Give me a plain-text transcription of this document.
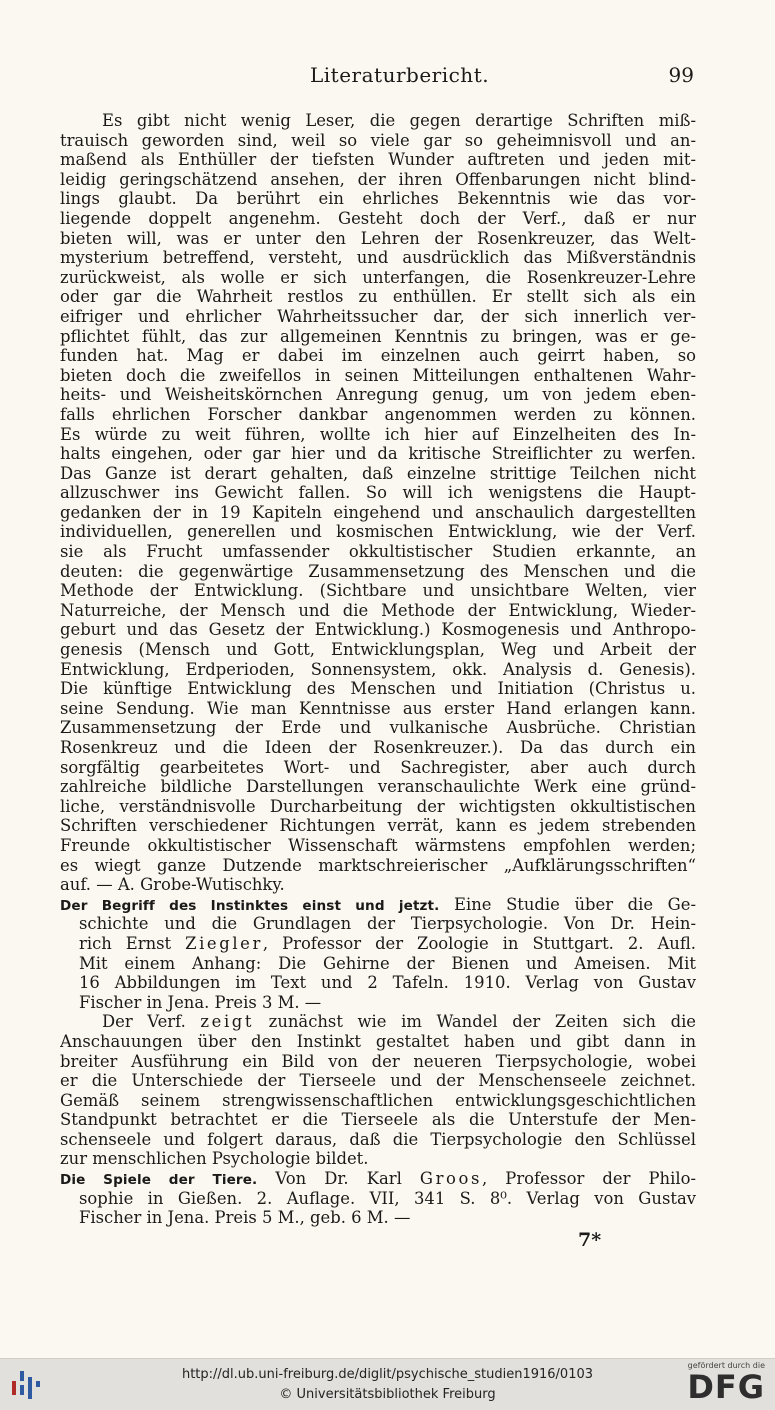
Literaturbericht.	99
Es gibt nicht wenig Leser, die gegen derartige Schriften miß-
trauisch geworden sind, weil so viele gar so geheimnisvoll und an-
maßend als Enthüller der tiefsten Wunder auftreten und jeden mit-
leidig geringschätzend ansehen, der ihren Offenbarungen nicht blind-
lings glaubt. Da berührt ein ehrliches Bekenntnis wie das vor-
liegende doppelt angenehm. Gesteht doch der Verf., daß er nur
bieten will, was er unter den Lehren der Rosenkreuzer, das Welt-
mysterium betreffend, versteht, und ausdrücklich das Mißverständnis
zurückweist, als wolle er sich unterfangen, die Rosenkreuzer-Lehre
oder gar die Wahrheit restlos zu enthüllen. Er stellt sich als ein
eifriger und ehrlicher Wahrheitssucher dar, der sich innerlich ver-
pflichtet fühlt, das zur allgemeinen Kenntnis zu bringen, was er ge-
funden hat. Mag er dabei im einzelnen auch geirrt haben, so
bieten doch die zweifellos in seinen Mitteilungen enthaltenen Wahr-
heits- und Weisheitskörnchen Anregung genug, um von jedem eben-
falls ehrlichen Forscher dankbar angenommen werden zu können.
Es würde zu weit führen, wollte ich hier auf Einzelheiten des In-
halts eingehen, oder gar hier und da kritische Streiflichter zu werfen.
Das Ganze ist derart gehalten, daß einzelne strittige Teilchen nicht
allzuschwer ins Gewicht fallen. So will ich wenigstens die Haupt-
gedanken der in 19 Kapiteln eingehend und anschaulich dargestellten
individuellen, generellen und kosmischen Entwicklung, wie der Verf.
sie als Frucht umfassender okkultistischer Studien erkannte, an
deuten: die gegenwärtige Zusammensetzung des Menschen und die
Methode der Entwicklung. (Sichtbare und unsichtbare Welten, vier
Naturreiche, der Mensch und die Methode der Entwicklung, Wieder-
geburt und das Gesetz der Entwicklung.) Kosmogenesis und Anthropo-
genesis (Mensch und Gott, Entwicklungsplan, Weg und Arbeit der
Entwicklung, Erdperioden, Sonnensystem, okk. Analysis d. Genesis).
Die künftige Entwicklung des Menschen und Initiation (Christus u.
seine Sendung. Wie man Kenntnisse aus erster Hand erlangen kann.
Zusammensetzung der Erde und vulkanische Ausbrüche. Christian
Rosenkreuz und die Ideen der Rosenkreuzer.). Da das durch ein
sorgfältig gearbeitetes Wort- und Sachregister, aber auch durch
zahlreiche bildliche Darstellungen veranschaulichte Werk eine gründ-
liche, verständnisvolle Durcharbeitung der wichtigsten okkultistischen
Schriften verschiedener Richtungen verrät, kann es jedem strebenden
Freunde okkultistischer Wissenschaft wärmstens empfohlen werden;
es wiegt ganze Dutzende marktschreierischer „Aufklärungsschriften“
auf. — A. Grobe-Wutischky.
Der Begriff des Instinktes einst und jetzt. Eine Studie über die Ge-
schichte und die Grundlagen der Tierpsychologie. Von Dr. Hein-
rich Ernst Ziegler, Professor der Zoologie in Stuttgart. 2. Aufl.
Mit einem Anhang: Die Gehirne der Bienen und Ameisen. Mit
16 Abbildungen im Text und 2 Tafeln. 1910. Verlag von Gustav
Fischer in Jena. Preis 3 M. —
Der Verf. zeigt zunächst wie im Wandel der Zeiten sich die
Anschauungen über den Instinkt gestaltet haben und gibt dann in
breiter Ausführung ein Bild von der neueren Tierpsychologie, wobei
er die Unterschiede der Tierseele und der Menschenseele zeichnet.
Gemäß seinem strengwissenschaftlichen entwicklungsgeschichtlichen
Standpunkt betrachtet er die Tierseele als die Unterstufe der Men-
schenseele und folgert daraus, daß die Tierpsychologie den Schlüssel
zur menschlichen Psychologie bildet.
Die Spiele der Tiere. Von Dr. Karl Groos, Professor der Philo-
sophie in Gießen. 2. Auflage. VII, 341 S. 8⁰. Verlag von Gustav
Fischer in Jena. Preis 5 M., geb. 6 M. —
7*
http://dl.ub.uni-freiburg.de/diglit/psychische_studien1916/0103
© Universitätsbibliothek Freiburg
gefördert durch die
DFG
